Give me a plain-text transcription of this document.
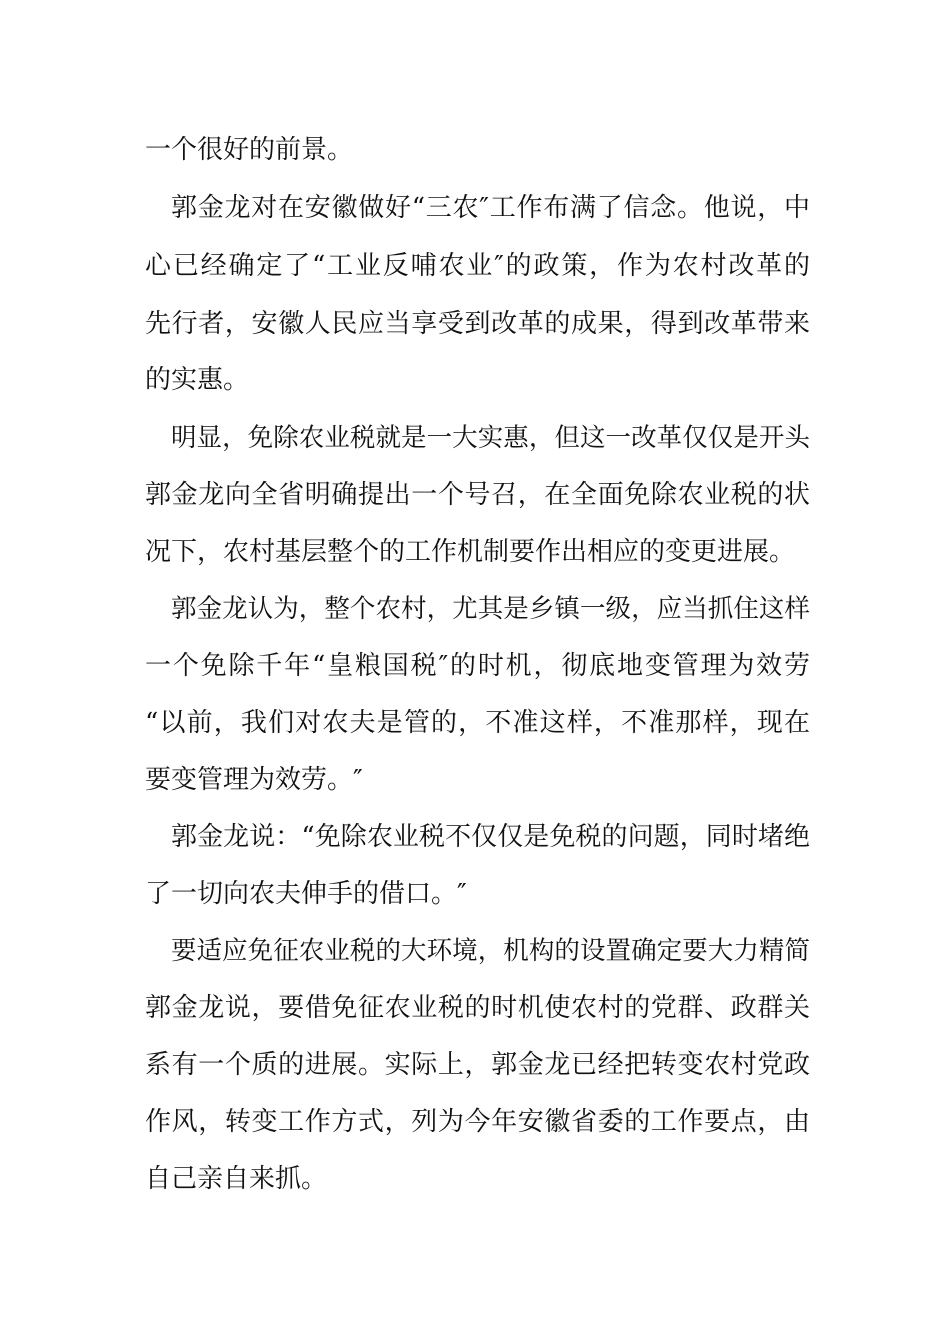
一个很好的前景。
郭金龙对在安徽做好“三农″工作布满了信念。他说，中
心已经确定了“工业反哺农业″的政策，作为农村改革的
先行者，安徽人民应当享受到改革的成果，得到改革带来
的实惠。
明显，免除农业税就是一大实惠，但这一改革仅仅是开头
郭金龙向全省明确提出一个号召，在全面免除农业税的状
况下，农村基层整个的工作机制要作出相应的变更进展。
郭金龙认为，整个农村，尤其是乡镇一级，应当抓住这样
一个免除千年“皇粮国税″的时机，彻底地变管理为效劳
“以前，我们对农夫是管的，不准这样，不准那样，现在
要变管理为效劳。″
郭金龙说：“免除农业税不仅仅是免税的问题，同时堵绝
了一切向农夫伸手的借口。″
要适应免征农业税的大环境，机构的设置确定要大力精简
郭金龙说，要借免征农业税的时机使农村的党群、政群关
系有一个质的进展。实际上，郭金龙已经把转变农村党政
作风，转变工作方式，列为今年安徽省委的工作要点，由
自己亲自来抓。
